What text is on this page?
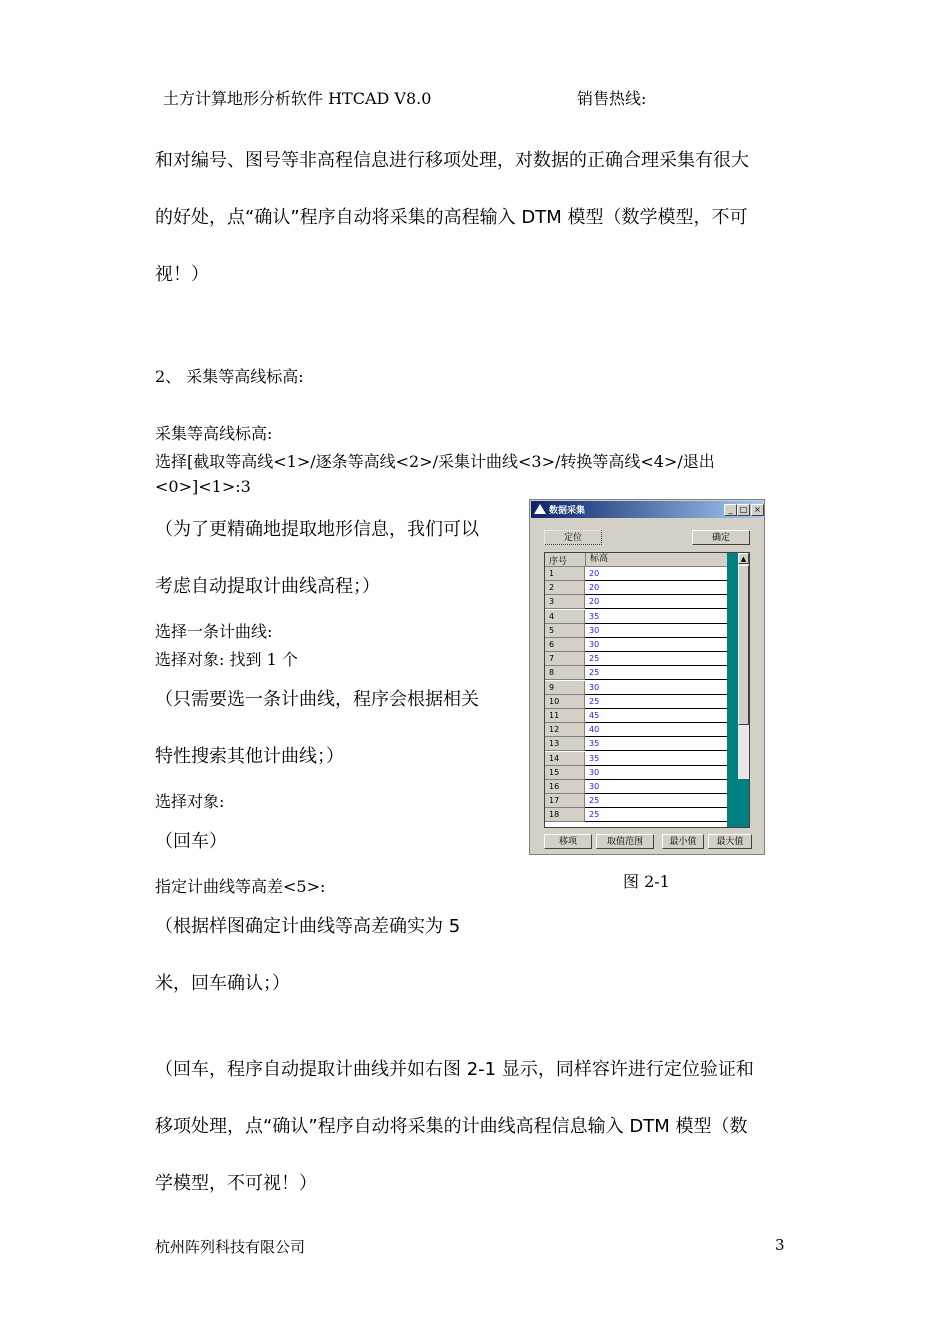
土方计算地形分析软件 HTCAD V8.0	销售热线:
和对编号、图号等非高程信息进行移项处理，对数据的正确合理采集有很大
的好处，点“确认”程序自动将采集的高程输入 DTM 模型（数学模型，不可
视！）
2、 采集等高线标高:
采集等高线标高:
选择[截取等高线<1>/逐条等高线<2>/采集计曲线<3>/转换等高线<4>/退出
<0>]<1>:3
（为了更精确地提取地形信息，我们可以
考虑自动提取计曲线高程；）
选择一条计曲线:
选择对象: 找到 1 个
（只需要选一条计曲线，程序会根据相关
特性搜索其他计曲线；）
选择对象:
（回车）
指定计曲线等高差<5>:
（根据样图确定计曲线等高差确实为 5
米，回车确认；）
（回车，程序自动提取计曲线并如右图 2-1 显示，同样容许进行定位验证和
移项处理，点“确认”程序自动将采集的计曲线高程信息输入 DTM 模型（数
学模型，不可视！）
数据采集	_ □ ×
定位	确定
序号	标高
1	20
2	20
3	20
4	35
5	30
6	30
7	25
8	25
9	30
10	25
11	45
12	40
13	35
14	35
15	30
16	30
17	25
18	25
▲
移项	取值范围	最小值	最大值
图 2-1
杭州阵列科技有限公司	3
